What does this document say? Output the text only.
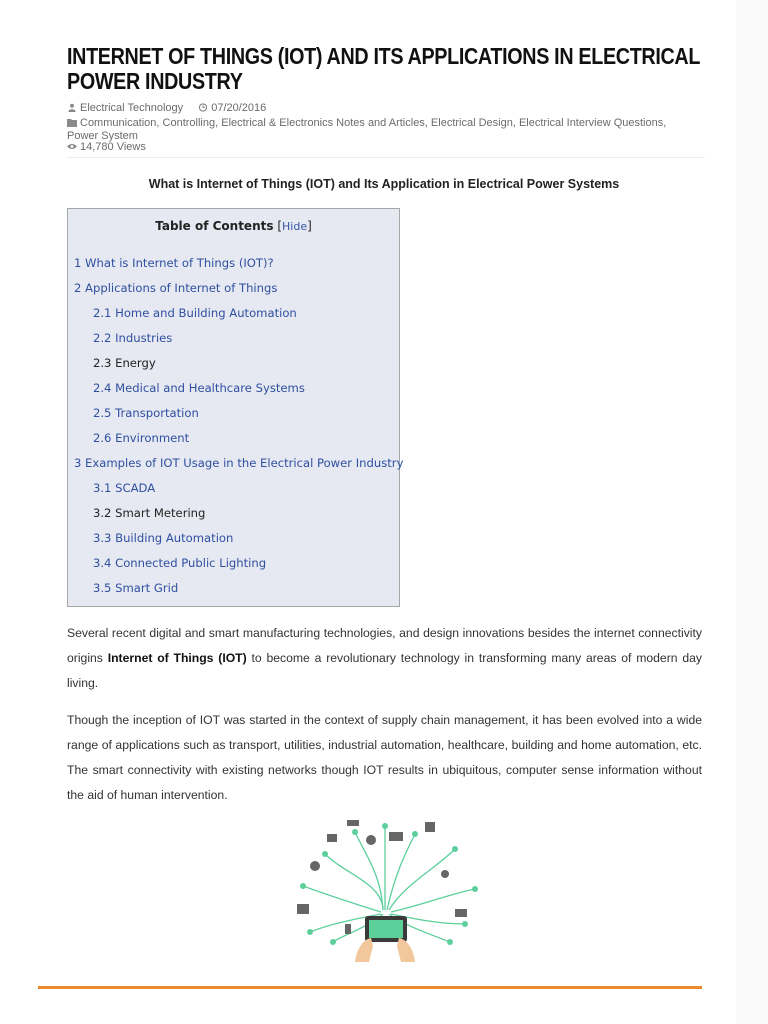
INTERNET OF THINGS (IOT) AND ITS APPLICATIONS IN ELECTRICAL POWER INDUSTRY
Electrical Technology	07/20/2016
Communication, Controlling, Electrical & Electronics Notes and Articles, Electrical Design, Electrical Interview Questions,
Power System
14,780 Views
What is Internet of Things (IOT) and Its Application in Electrical Power Systems
Table of Contents [Hide]
1 What is Internet of Things (IOT)?
2 Applications of Internet of Things
2.1 Home and Building Automation
2.2 Industries
2.3 Energy
2.4 Medical and Healthcare Systems
2.5 Transportation
2.6 Environment
3 Examples of IOT Usage in the Electrical Power Industry
3.1 SCADA
3.2 Smart Metering
3.3 Building Automation
3.4 Connected Public Lighting
3.5 Smart Grid

Several recent digital and smart manufacturing technologies, and design innovations besides the internet connectivity origins Internet of Things (IOT) to become a revolutionary technology in transforming many areas of modern day living.

Though the inception of IOT was started in the context of supply chain management, it has been evolved into a wide range of applications such as transport, utilities, industrial automation, healthcare, building and home automation, etc. The smart connectivity with existing networks though IOT results in ubiquitous, computer sense information without the aid of human intervention.
